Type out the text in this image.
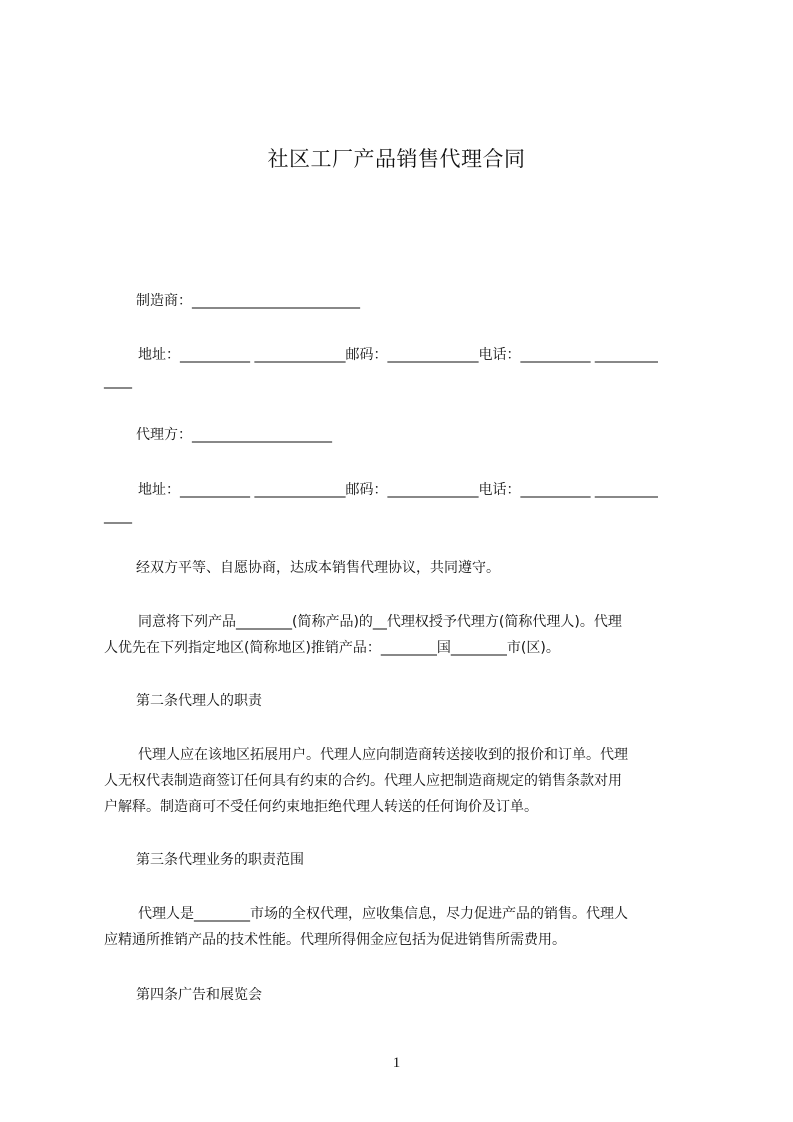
社区工厂产品销售代理合同
制造商：________________________
地址：__________ _____________邮码：_____________电话：__________ _________
____
代理方：____________________
地址：__________ _____________邮码：_____________电话：__________ _________
____
经双方平等、自愿协商，达成本销售代理协议，共同遵守。
同意将下列产品________(简称产品)的__代理权授予代理方(简称代理人)。代理
人优先在下列指定地区(简称地区)推销产品：________国________市(区)。
第二条代理人的职责
代理人应在该地区拓展用户。代理人应向制造商转送接收到的报价和订单。代理
人无权代表制造商签订任何具有约束的合约。代理人应把制造商规定的销售条款对用
户解释。制造商可不受任何约束地拒绝代理人转送的任何询价及订单。
第三条代理业务的职责范围
代理人是________市场的全权代理，应收集信息，尽力促进产品的销售。代理人
应精通所推销产品的技术性能。代理所得佣金应包括为促进销售所需费用。
第四条广告和展览会
1
